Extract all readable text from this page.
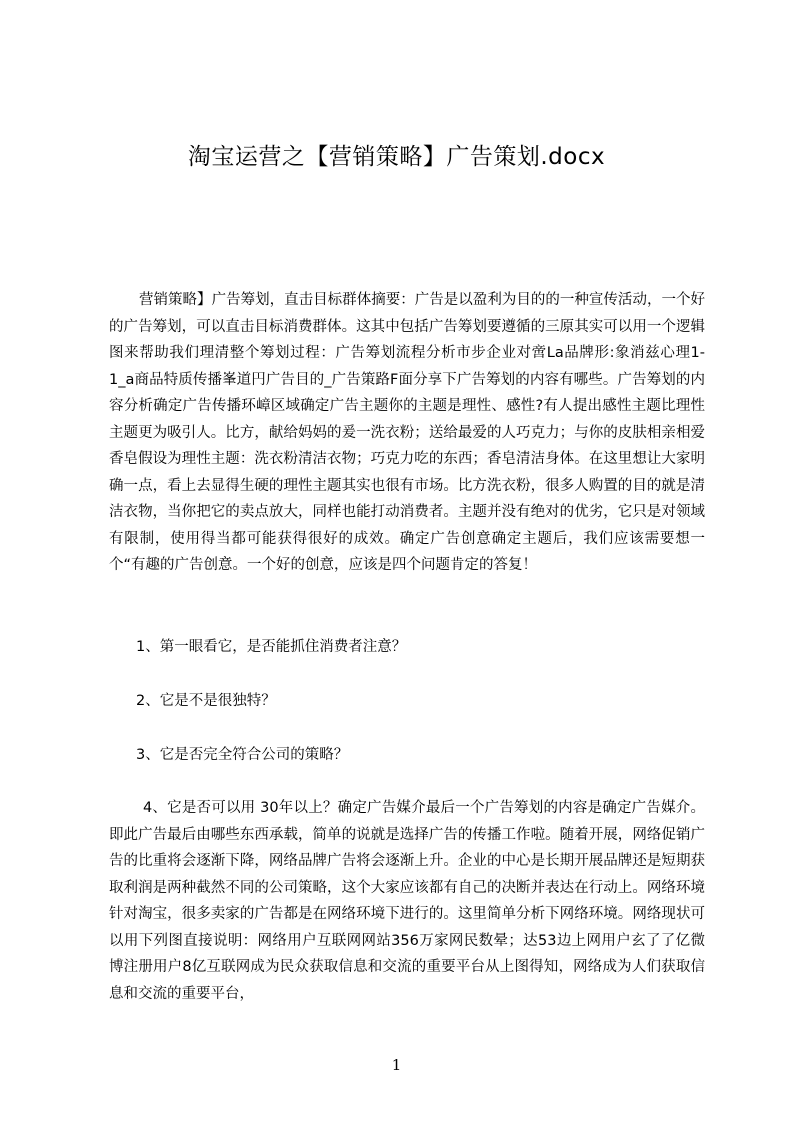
淘宝运营之【营销策略】广告策划.docx

营销策略】广告筹划，直击目标群体摘要：广告是以盈利为目的的一种宣传活动，一个好的广告筹划，可以直击目标消费群体。这其中包括广告筹划要遵循的三原其实可以用一个逻辑图来帮助我们理清整个筹划过程：广告筹划流程分析市步企业对啻La品牌形:象消兹心理1-1_a商品特质传播峯道円广告目的_广告策路F面分享下广告筹划的内容有哪些。广告筹划的内容分析确定广告传播环嶂区域确定广告主题你的主题是理性、感性?有人提出感性主题比理性主题更为吸引人。比方，献给妈妈的爰一洗衣粉；送给最爱的人巧克力；与你的皮肤相亲相爱香皂假设为理性主题：洗衣粉清洁衣物；巧克力吃的东西；香皂清洁身体。在这里想让大家明确一点，看上去显得生硬的理性主题其实也很有市场。比方洗衣粉，很多人购置的目的就是清洁衣物，当你把它的卖点放大，同样也能打动消费者。主题并没有绝对的优劣，它只是对领域有限制，使用得当都可能获得很好的成效。确定广告创意确定主题后，我们应该需要想一个“有趣的广告创意。一个好的创意，应该是四个问题肯定的答复！

1、第一眼看它，是否能抓住消费者注意？
2、它是不是很独特？
3、它是否完全符合公司的策略？

4、它是否可以用 30年以上？确定广告媒介最后一个广告筹划的内容是确定广告媒介。即此广告最后由哪些东西承载，简单的说就是选择广告的传播工作啦。随着开展，网络促销广告的比重将会逐渐下降，网络品牌广告将会逐渐上升。企业的中心是长期开展品牌还是短期获取利润是两种截然不同的公司策略，这个大家应该都有自己的决断并表达在行动上。网络环境针对淘宝，很多卖家的广告都是在网络环境下进行的。这里简单分析下网络环境。网络现状可以用下列图直接说明：网络用户互联网网站356万家网民数晕；达53边上网用户玄了了亿微博注册用户8亿互联网成为民众获取信息和交流的重要平台从上图得知，网络成为人们获取信息和交流的重要平台，

1
